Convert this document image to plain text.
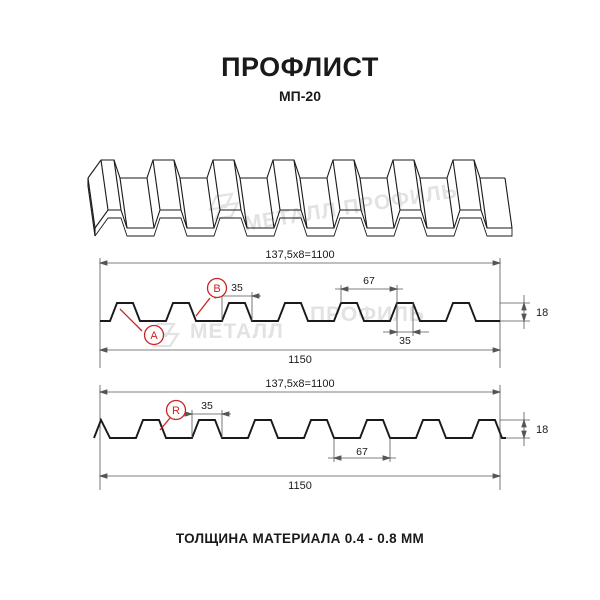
ПРОФЛИСТ
МП-20
МЕТАЛЛ ПРОФИЛЬ
МЕТАЛЛ
ПРОФИЛЬ
35
67
35
137,5x8=1100
1150
18
A
B
35
67
137,5x8=1100
1150
18
R
ТОЛЩИНА МАТЕРИАЛА 0.4 - 0.8 ММ
